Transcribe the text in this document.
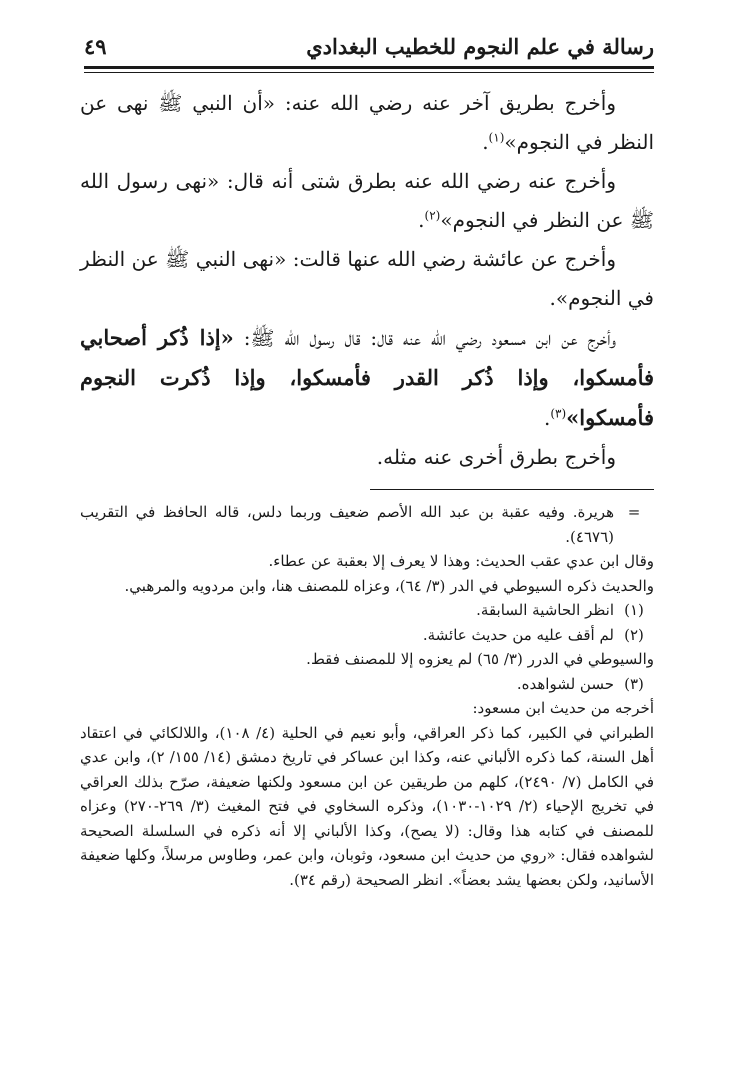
رسالة في علم النجوم للخطيب البغدادي
٤٩

وأخرج بطريق آخر عنه رضي الله عنه: «أن النبي ﷺ نهى عن النظر في النجوم»$^{(١)}$.

وأخرج عنه رضي الله عنه بطرق شتى أنه قال: «نهى رسول الله ﷺ عن النظر في النجوم»$^{(٢)}$.

وأخرج عن عائشة رضي الله عنها قالت: «نهى النبي ﷺ عن النظر في النجوم».

وأخرج عن ابن مسعود رضي الله عنه قال: قال رسول الله ﷺ: «إذا ذُكر أصحابي فأمسكوا، وإذا ذُكر القدر فأمسكوا، وإذا ذُكرت النجوم فأمسكوا»$^{(٣)}$.

وأخرج بطرق أخرى عنه مثله.

=

هريرة. وفيه عقبة بن عبد الله الأصم ضعيف وربما دلس، قاله الحافظ في التقريب (٤٦٧٦).

وقال ابن عدي عقب الحديث: وهذا لا يعرف إلا بعقبة عن عطاء.

والحديث ذكره السيوطي في الدر (٣/ ٦٤)، وعزاه للمصنف هنا، وابن مردويه والمرهبي.

(١)

انظر الحاشية السابقة.

(٢)

لم أقف عليه من حديث عائشة.

والسيوطي في الدرر (٣/ ٦٥) لم يعزوه إلا للمصنف فقط.

(٣)

حسن لشواهده.

أخرجه من حديث ابن مسعود:

الطبراني في الكبير، كما ذكر العراقي، وأبو نعيم في الحلية (٤/ ١٠٨)، واللالكائي في اعتقاد أهل السنة، كما ذكره الألباني عنه، وكذا ابن عساكر في تاريخ دمشق (١٤/ ١٥٥/ ٢)، وابن عدي في الكامل (٧/ ٢٤٩٠)، كلهم من طريقين عن ابن مسعود ولكنها ضعيفة، صرّح بذلك العراقي في تخريج الإحياء (٢/ ١٠٢٩-١٠٣٠)، وذكره السخاوي في فتح المغيث (٣/ ٢٦٩-٢٧٠) وعزاه للمصنف في كتابه هذا وقال: (لا يصح)، وكذا الألباني إلا أنه ذكره في السلسلة الصحيحة لشواهده فقال: «روي من حديث ابن مسعود، وثوبان، وابن عمر، وطاوس مرسلاً، وكلها ضعيفة الأسانيد، ولكن بعضها يشد بعضاً». انظر الصحيحة (رقم ٣٤).
